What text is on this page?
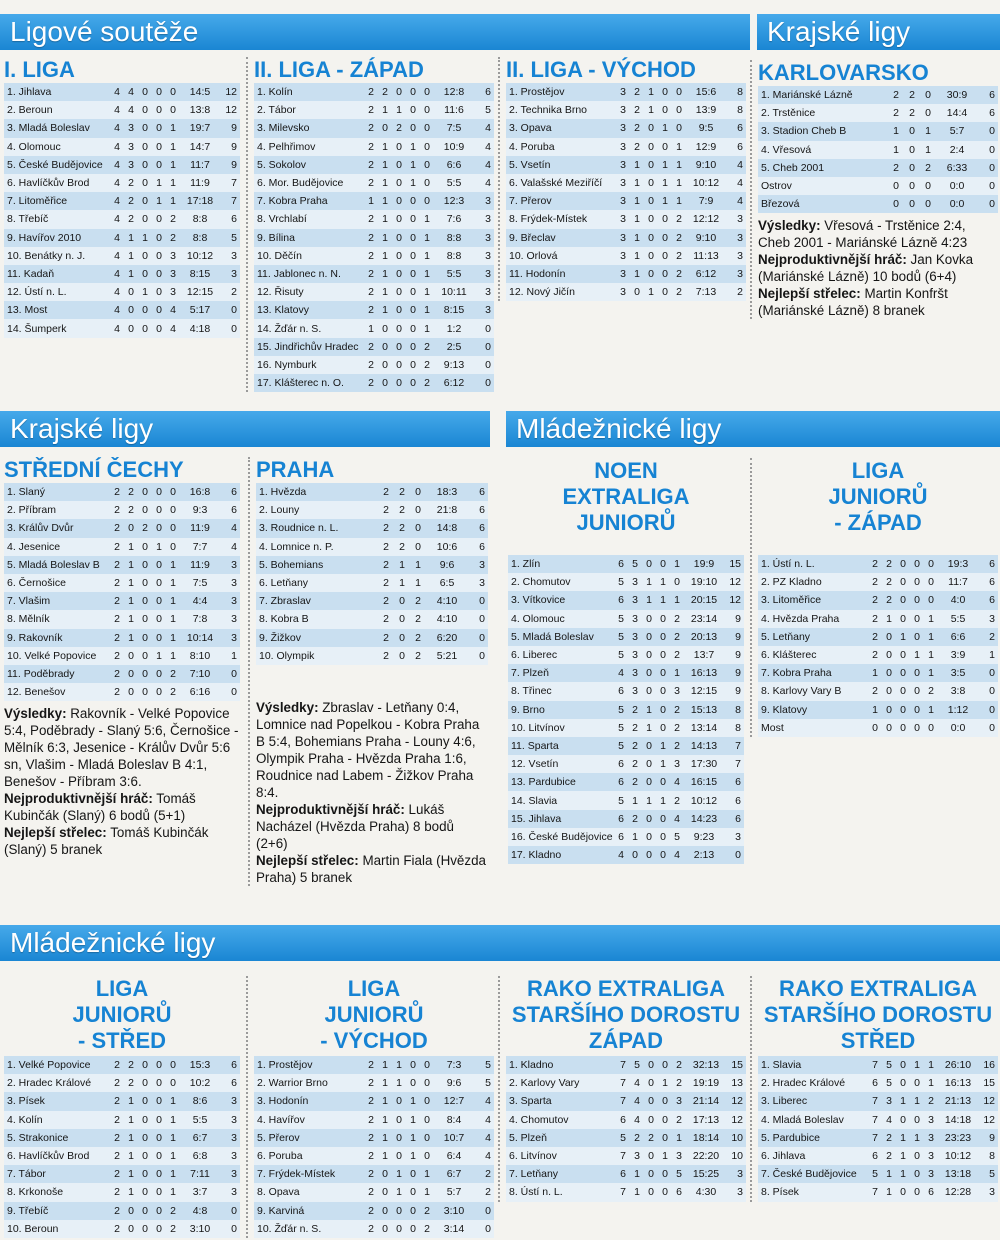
Ligové soutěže	Krajské ligy
Krajské ligy	Mládežnické ligy
Mládežnické ligy
I. LIGA
1. Jihlava	4	4	0	0	0	14:5	12
2. Beroun	4	4	0	0	0	13:8	12
3. Mladá Boleslav	4	3	0	0	1	19:7	9
4. Olomouc	4	3	0	0	1	14:7	9
5. České Budějovice	4	3	0	0	1	11:7	9
6. Havlíčkův Brod	4	2	0	1	1	11:9	7
7. Litoměřice	4	2	0	1	1	17:18	7
8. Třebíč	4	2	0	0	2	8:8	6
9. Havířov 2010	4	1	1	0	2	8:8	5
10. Benátky n. J.	4	1	0	0	3	10:12	3
11. Kadaň	4	1	0	0	3	8:15	3
12. Ústí n. L.	4	0	1	0	3	12:15	2
13. Most	4	0	0	0	4	5:17	0
14. Šumperk	4	0	0	0	4	4:18	0
II. LIGA - ZÁPAD
1. Kolín	2	2	0	0	0	12:8	6
2. Tábor	2	1	1	0	0	11:6	5
3. Milevsko	2	0	2	0	0	7:5	4
4. Pelhřimov	2	1	0	1	0	10:9	4
5. Sokolov	2	1	0	1	0	6:6	4
6. Mor. Budějovice	2	1	0	1	0	5:5	4
7. Kobra Praha	1	1	0	0	0	12:3	3
8. Vrchlabí	2	1	0	0	1	7:6	3
9. Bílina	2	1	0	0	1	8:8	3
10. Děčín	2	1	0	0	1	8:8	3
11. Jablonec n. N.	2	1	0	0	1	5:5	3
12. Řisuty	2	1	0	0	1	10:11	3
13. Klatovy	2	1	0	0	1	8:15	3
14. Žďár n. S.	1	0	0	0	1	1:2	0
15. Jindřichův Hradec	2	0	0	0	2	2:5	0
16. Nymburk	2	0	0	0	2	9:13	0
17. Klášterec n. O.	2	0	0	0	2	6:12	0
II. LIGA - VÝCHOD
1. Prostějov	3	2	1	0	0	15:6	8
2. Technika Brno	3	2	1	0	0	13:9	8
3. Opava	3	2	0	1	0	9:5	6
4. Poruba	3	2	0	0	1	12:9	6
5. Vsetín	3	1	0	1	1	9:10	4
6. Valašské Meziříčí	3	1	0	1	1	10:12	4
7. Přerov	3	1	0	1	1	7:9	4
8. Frýdek-Místek	3	1	0	0	2	12:12	3
9. Břeclav	3	1	0	0	2	9:10	3
10. Orlová	3	1	0	0	2	11:13	3
11. Hodonín	3	1	0	0	2	6:12	3
12. Nový Jičín	3	0	1	0	2	7:13	2
KARLOVARSKO
1. Mariánské Lázně	2	2	0	30:9	6
2. Trstěnice	2	2	0	14:4	6
3. Stadion Cheb B	1	0	1	5:7	0
4. Vřesová	1	0	1	2:4	0
5. Cheb 2001	2	0	2	6:33	0
Ostrov	0	0	0	0:0	0
Březová	0	0	0	0:0	0

Výsledky: Vřesová - Trstěnice 2:4, Cheb 2001 - Mariánské Lázně 4:23

Nejproduktivnější hráč: Jan Kovka (Mariánské Lázně) 10 bodů (6+4)

Nejlepší střelec: Martin Konfršt (Mariánské Lázně) 8 branek

STŘEDNÍ ČECHY
1. Slaný	2	2	0	0	0	16:8	6
2. Příbram	2	2	0	0	0	9:3	6
3. Králův Dvůr	2	0	2	0	0	11:9	4
4. Jesenice	2	1	0	1	0	7:7	4
5. Mladá Boleslav B	2	1	0	0	1	11:9	3
6. Černošice	2	1	0	0	1	7:5	3
7. Vlašim	2	1	0	0	1	4:4	3
8. Mělník	2	1	0	0	1	7:8	3
9. Rakovník	2	1	0	0	1	10:14	3
10. Velké Popovice	2	0	0	1	1	8:10	1
11. Poděbrady	2	0	0	0	2	7:10	0
12. Benešov	2	0	0	0	2	6:16	0

Výsledky: Rakovník - Velké Popovice 5:4, Poděbrady - Slaný 5:6, Černošice - Mělník 6:3, Jesenice - Králův Dvůr 5:6 sn, Vlašim - Mladá Boleslav B 4:1, Benešov - Příbram 3:6.

Nejproduktivnější hráč: Tomáš Kubinčák (Slaný) 6 bodů (5+1)

Nejlepší střelec: Tomáš Kubinčák (Slaný) 5 branek

PRAHA
1. Hvězda	2	2	0	18:3	6
2. Louny	2	2	0	21:8	6
3. Roudnice n. L.	2	2	0	14:8	6
4. Lomnice n. P.	2	2	0	10:6	6
5. Bohemians	2	1	1	9:6	3
6. Letňany	2	1	1	6:5	3
7. Zbraslav	2	0	2	4:10	0
8. Kobra B	2	0	2	4:10	0
9. Žižkov	2	0	2	6:20	0
10. Olympik	2	0	2	5:21	0

Výsledky: Zbraslav - Letňany 0:4, Lomnice nad Popelkou - Kobra Praha B 5:4, Bohemians Praha - Louny 4:6, Olympik Praha - Hvězda Praha 1:6, Roudnice nad Labem - Žižkov Praha 8:4.

Nejproduktivnější hráč: Lukáš Nacházel (Hvězda Praha) 8 bodů (2+6)

Nejlepší střelec: Martin Fiala (Hvězda Praha) 5 branek

NOEN
EXTRALIGA
JUNIORŮ
1. Zlín	6	5	0	0	1	19:9	15
2. Chomutov	5	3	1	1	0	19:10	12
3. Vítkovice	6	3	1	1	1	20:15	12
4. Olomouc	5	3	0	0	2	23:14	9
5. Mladá Boleslav	5	3	0	0	2	20:13	9
6. Liberec	5	3	0	0	2	13:7	9
7. Plzeň	4	3	0	0	1	16:13	9
8. Třinec	6	3	0	0	3	12:15	9
9. Brno	5	2	1	0	2	15:13	8
10. Litvínov	5	2	1	0	2	13:14	8
11. Sparta	5	2	0	1	2	14:13	7
12. Vsetín	6	2	0	1	3	17:30	7
13. Pardubice	6	2	0	0	4	16:15	6
14. Slavia	5	1	1	1	2	10:12	6
15. Jihlava	6	2	0	0	4	14:23	6
16. České Budějovice	6	1	0	0	5	9:23	3
17. Kladno	4	0	0	0	4	2:13	0
LIGA
JUNIORŮ
- ZÁPAD
1. Ústí n. L.	2	2	0	0	0	19:3	6
2. PZ Kladno	2	2	0	0	0	11:7	6
3. Litoměřice	2	2	0	0	0	4:0	6
4. Hvězda Praha	2	1	0	0	1	5:5	3
5. Letňany	2	0	1	0	1	6:6	2
6. Klášterec	2	0	0	1	1	3:9	1
7. Kobra Praha	1	0	0	0	1	3:5	0
8. Karlovy Vary B	2	0	0	0	2	3:8	0
9. Klatovy	1	0	0	0	1	1:12	0
Most	0	0	0	0	0	0:0	0
LIGA
JUNIORŮ
- STŘED
1. Velké Popovice	2	2	0	0	0	15:3	6
2. Hradec Králové	2	2	0	0	0	10:2	6
3. Písek	2	1	0	0	1	8:6	3
4. Kolín	2	1	0	0	1	5:5	3
5. Strakonice	2	1	0	0	1	6:7	3
6. Havlíčkův Brod	2	1	0	0	1	6:8	3
7. Tábor	2	1	0	0	1	7:11	3
8. Krkonoše	2	1	0	0	1	3:7	3
9. Třebíč	2	0	0	0	2	4:8	0
10. Beroun	2	0	0	0	2	3:10	0
LIGA
JUNIORŮ
- VÝCHOD
1. Prostějov	2	1	1	0	0	7:3	5
2. Warrior Brno	2	1	1	0	0	9:6	5
3. Hodonín	2	1	0	1	0	12:7	4
4. Havířov	2	1	0	1	0	8:4	4
5. Přerov	2	1	0	1	0	10:7	4
6. Poruba	2	1	0	1	0	6:4	4
7. Frýdek-Místek	2	0	1	0	1	6:7	2
8. Opava	2	0	1	0	1	5:7	2
9. Karviná	2	0	0	0	2	3:10	0
10. Žďár n. S.	2	0	0	0	2	3:14	0
RAKO EXTRALIGA
STARŠÍHO DOROSTU
ZÁPAD
1. Kladno	7	5	0	0	2	32:13	15
2. Karlovy Vary	7	4	0	1	2	19:19	13
3. Sparta	7	4	0	0	3	21:14	12
4. Chomutov	6	4	0	0	2	17:13	12
5. Plzeň	5	2	2	0	1	18:14	10
6. Litvínov	7	3	0	1	3	22:20	10
7. Letňany	6	1	0	0	5	15:25	3
8. Ústí n. L.	7	1	0	0	6	4:30	3
RAKO EXTRALIGA
STARŠÍHO DOROSTU
STŘED
1. Slavia	7	5	0	1	1	26:10	16
2. Hradec Králové	6	5	0	0	1	16:13	15
3. Liberec	7	3	1	1	2	21:13	12
4. Mladá Boleslav	7	4	0	0	3	14:18	12
5. Pardubice	7	2	1	1	3	23:23	9
6. Jihlava	6	2	1	0	3	10:12	8
7. České Budějovice	5	1	1	0	3	13:18	5
8. Písek	7	1	0	0	6	12:28	3
